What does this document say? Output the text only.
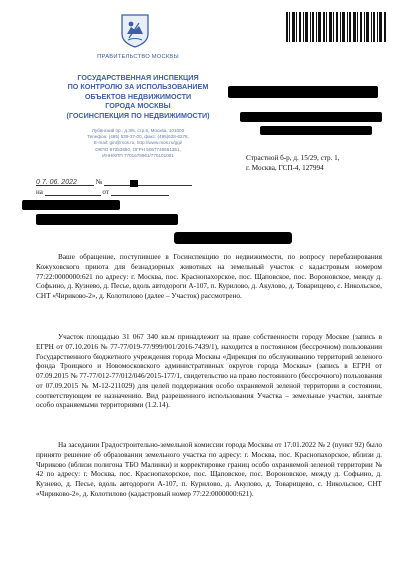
ПРАВИТЕЛЬСТВО МОСКВЫ
ГОСУДАРСТВЕННАЯ ИНСПЕКЦИЯ
ПО КОНТРОЛЮ ЗА ИСПОЛЬЗОВАНИЕМ
ОБЪЕКТОВ НЕДВИЖИМОСТИ
ГОРОДА МОСКВЫ
(ГОСИНСПЕКЦИЯ ПО НЕДВИЖИМОСТИ)
Лубянский пр., д.3/6, стр.6, Москва, 101000
Телефон: (495) 539-37-00, факс: (495)628-6278,
E-mail: gin@mos.ru, http://www.mos.ru/ggi/
ОКПО 97253660, ОГРН 5067746661351,
ИНН/КПП 7701679961/770101001	Страстной б-р, д. 15/29, стр. 1,
г. Москва, ГСП-4, 127994
0 7. 06. 2022	№
на	от

Ваше обращение, поступившее в Госинспекцию по недвижимости, по вопросу перебазирования Кожуховского приюта для безнадзорных животных на земельный участок с кадастровым номером 77:22:0000000:621 по адресу: г. Москва, пос. Краснопахорское, пос. Щаповское, пос. Вороновское, между д. Софьино, д. Кузнево, д. Песье, вдоль автодороги А-107, п. Курилово, д. Акулово, д. Товарищево, с. Никольское, СНТ «Чириково-2», д. Колотилово (далее – Участок) рассмотрено.

Участок площадью 31 067 340 кв.м принадлежит на праве собственности городу Москве (запись в ЕГРН от 07.10.2016 № 77-77/019-77/999/001/2016-7439/1), находится в постоянном (бессрочном) пользовании Государственного бюджетного учреждения города Москвы «Дирекция по обслуживанию территорий зеленого фонда Троицкого и Новомосковского административных округов города Москвы» (запись в ЕГРН от 07.09.2015 № 77-77/012-77/012/046/2015-177/1, свидетельство на право постоянного (бессрочного) пользования от 07.09.2015 № М-12-211029) для целей поддержания особо охраняемой зеленой территории в состоянии, соответствующем ее назначению. Вид разрешенного использования Участка – земельные участки, занятые особо охраняемыми территориями (1.2.14).

На заседании Градостроительно-земельной комиссии города Москвы от 17.01.2022 № 2 (пункт 92) было принято решение об образовании земельного участка по адресу: г. Москва, пос. Краснопахорское, вблизи д. Чириково (вблизи полигона ТБО Малинки) и корректировке границ особо охраняемой зеленой территории № 42 по адресу: г. Москва, пос. Краснопахорское, пос. Щаповское, пос. Вороновское, между д. Софьино, д. Кузнево, д. Песье, вдоль автодороги А-107, п. Курилово, д. Акулово, д. Товарищево, с. Никольское, СНТ «Чириково-2», д. Колотилово (кадастровый номер 77:22:0000000:621).
